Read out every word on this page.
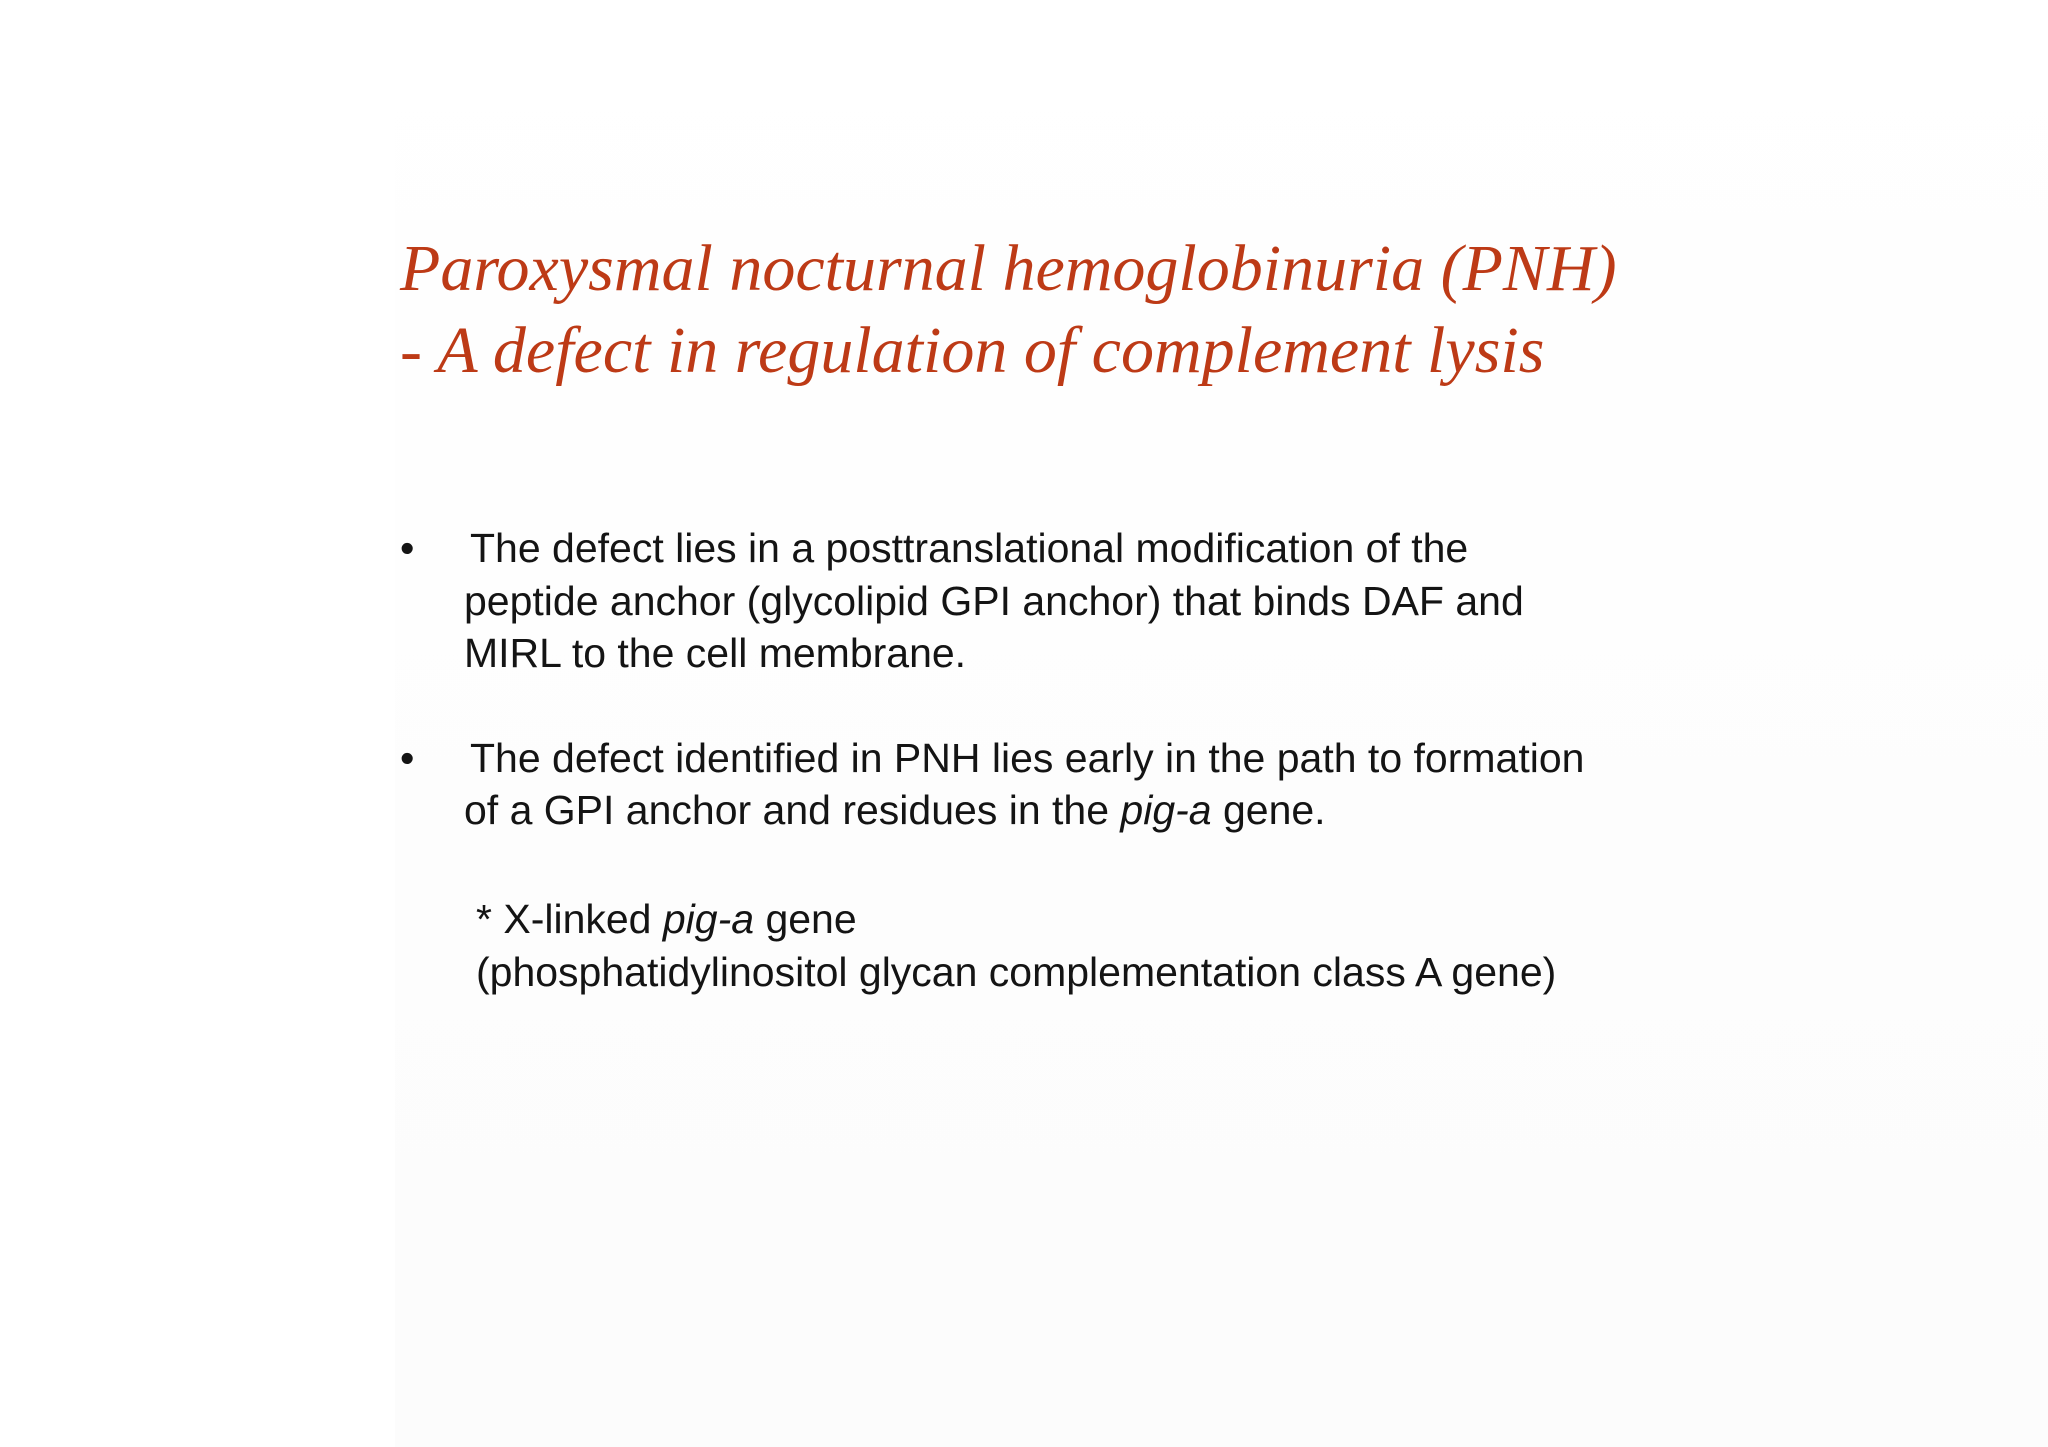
Paroxysmal nocturnal hemoglobinuria (PNH)
- A defect in regulation of complement lysis
• The defect lies in a posttranslational modification of the
peptide anchor (glycolipid GPI anchor) that binds DAF and
MIRL to the cell membrane.
• The defect identified in PNH lies early in the path to formation
of a GPI anchor and residues in the pig-a gene.
* X-linked pig-a gene
(phosphatidylinositol glycan complementation class A gene)
